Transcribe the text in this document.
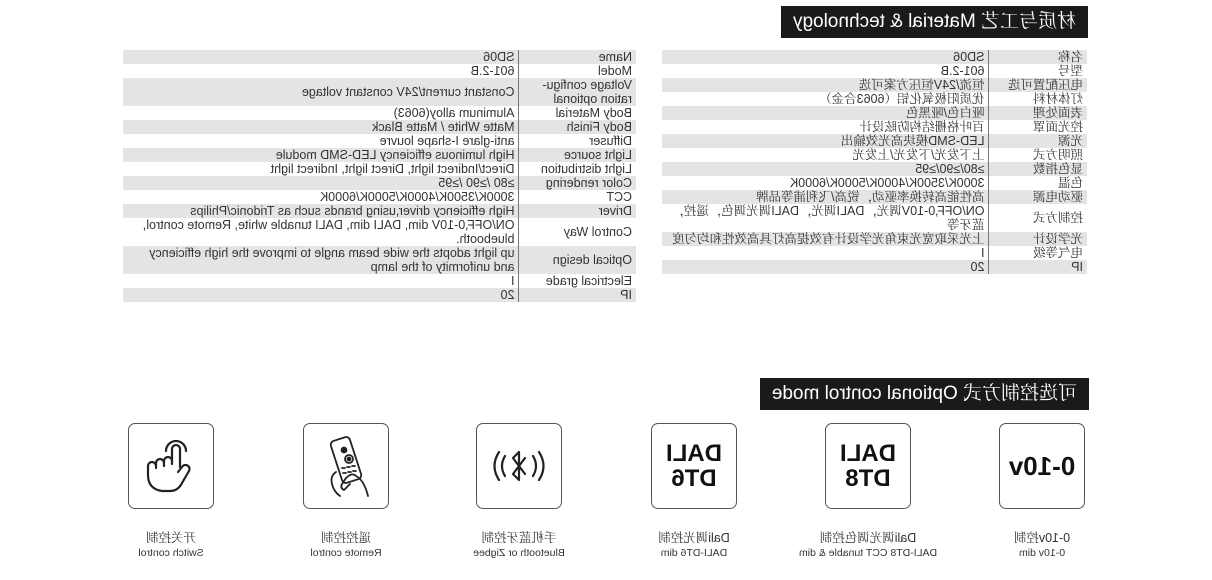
材质与工艺 Material & technology
名称	SD06
型号	601-2.B
电压配置可选	恒流/24V恒压方案可选
灯体材料	优质阳极氧化铝（6063合金）
表面处理	哑白色/哑黑色
控光面罩	百叶格栅结构防眩设计
光源	LED-SMD模块高光效输出
照明方式	上下发光/下发光/上发光
显色指数	≥80/≥90/≥95
色温	3000K/3500K/4000K/5000K/6000K
驱动电源	高性能高转换率驱动，锐高/飞利浦等品牌
控制方式	ON/OFF,0-10V调光，DALI调光，DALI调光调色，遥控，蓝牙等
光学设计	上光采取宽光束角光学设计有效提高灯具高效性和均匀度
电气等级	I
IP	20
Name	SD06
Model	601-2.B
Voltage configu-ration optional	Constant current/24V constant voltage
Body Material	Aluminum alloy(6063)
Body Finish	Matte White / Matte Black
Diffuser	anti-glare I-shape louvre
Light source	High luminous efficiency LED-SMD module
Light distribution	Direct/Indirect light, Direct light, Indirect light
Color rendering	≥80 /≥90 /≥95
CCT	3000K/3500K/4000K/5000K/6000K
Driver	High efficiency driver,using brands such as Tridonic/Philips
Control Way	ON/OFF,0-10V dim, DALI dim, DALI tunable white, Remote control, bluebooth.
Optical design	up light adopts the wide beam angle to improve the high efficiency and uniformity of the lamp
Electrical grade	I
IP	20
可选控制方式 Optional control mode
开关控制
Switch control
遥控控制
Remote control
手机蓝牙控制
Bluetooth or Zigbee
DALI
DT6
Dali调光控制
DALI-DT6 dim
DALI
DT8
Dali调光调色控制
DALI-DT8 CCT tunable & dim
0-10v
0-10v控制
0-10v dim
